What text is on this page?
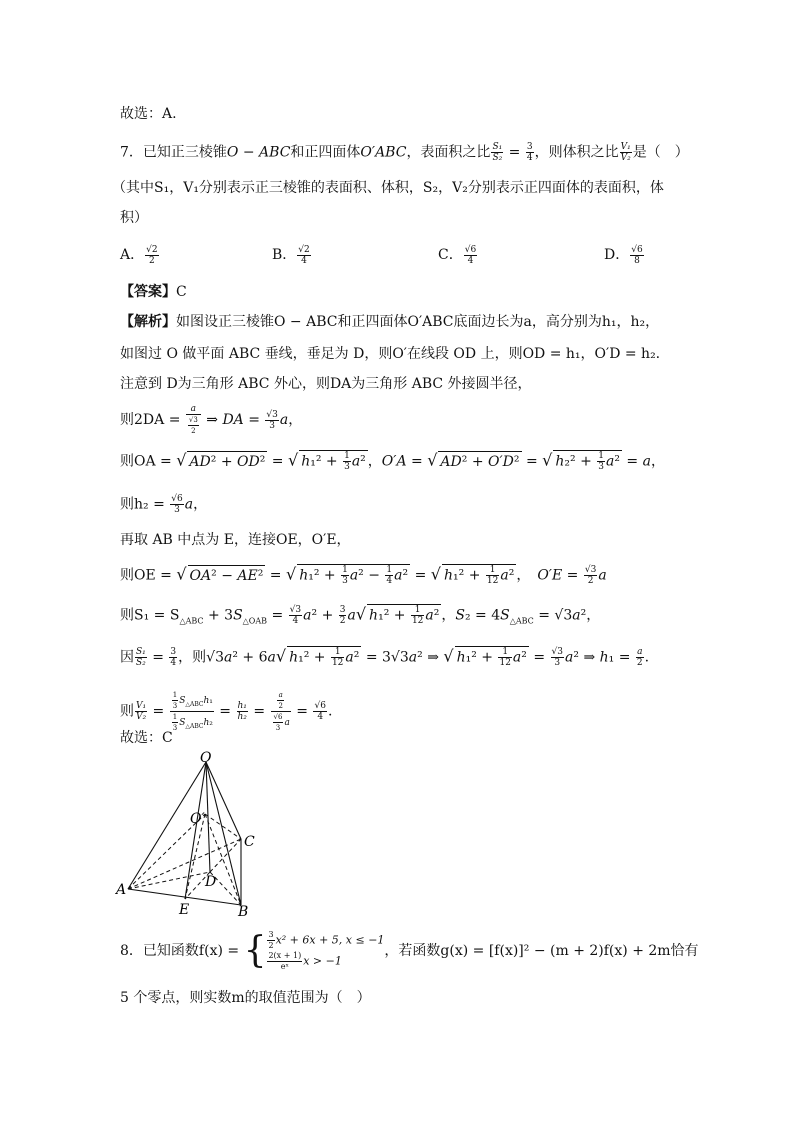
故选：A.
7．已知正三棱锥O − ABC和正四面体O′ABC，表面积之比 $\frac{\text{S₁}}{\text{S₂}} = \frac{3}{4}$ ，则体积之比 $\frac{\text{V₁}}{\text{V₂}}$ 是（　）
（其中S₁，V₁分别表示正三棱锥的表面积、体积，S₂，V₂分别表示正四面体的表面积，体
积）
A． $\frac{√2}{2}$	B． $\frac{√2}{4}$	C． $\frac{√6}{4}$	D． $\frac{√6}{8}$
【答案】C
【解析】如图设正三棱锥O − ABC和正四面体O′ABC底面边长为a，高分别为h₁，h₂，
如图过 O 做平面 ABC 垂线，垂足为 D，则O′在线段 OD 上，则OD = h₁，O′D = h₂.
注意到 D为三角形 ABC 外心，则DA为三角形 ABC 外接圆半径，
则$2DA = \frac{a}{\frac{√3}{2}}$ ⇒ DA = $\frac{√3}{3}$ a，
则OA = √ AD² + OD² = √ $h_1^2 + \frac{1}{3} a^2$ ，O′A = √ AD² + O′D² = √ $h_2^2 + \frac{1}{3} a^2 = a$，
则$h_2 = \frac{√6}{3}$ a，
再取 AB 中点为 E，连接OE，O′E，
则OE = √ OA² − AE² = √ $h_1^2 + \frac{1}{3} a^2 - \frac{1}{4} a^2$ = √ $h_1^2 + \frac{1}{12} a^2$ ，　$O'E = \frac{√3}{2}$ a
则$S_1 = S_{\triangle ABC} + 3S_{\triangle OAB} = \frac{√3}{4} a^2 + \frac{3}{2} a√$ $h_1^2 + \frac{1}{12} a^2$ ，$S_2 = 4S_{\triangle ABC} = √3a^2$，
因 $\frac{\text{S₁}}{\text{S₂}} = \frac{3}{4}$ ，则√3a² + 6a√ $h_1^2 + \frac{1}{12} a^2 = 3√3a^2$ ⇒ √ $h_1^2 + \frac{1}{12} a^2 = \frac{√3}{3} a^2$ ⇒ $h_1 = \frac{a}{2}$ .
则 $\frac{\text{V₁}}{\text{V₂}} = \frac{\frac{1}{3} S_{\triangle ABC}h_1}{\frac{1}{3} S_{\triangle ABC}h_2} = \frac{\text{h₁}}{\text{h₂}} = \frac{\frac{a}{2}}{\frac{√6}{3} a} = \frac{√6}{4}$ .
故选：C
O
O′
A
B
C
D
E
8．已知函数f(x) = { $\frac{3}{2} x^2 + 6x + 5$, x ≤ −1
$\frac{2(x + 1)}{\text{eˣ}}$ x > −1
，若函数g(x) = [f(x)]² − (m + 2)f(x) + 2m恰有
5 个零点，则实数m的取值范围为（　）
